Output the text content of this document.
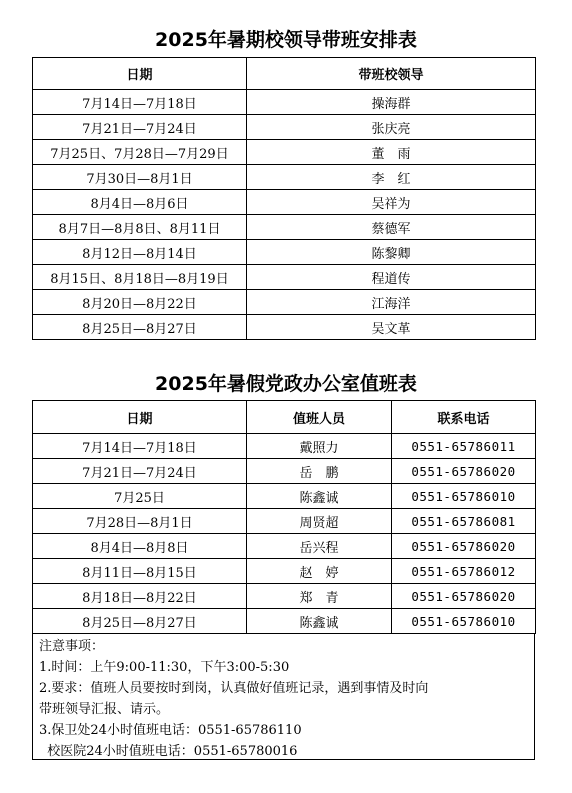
2025年暑期校领导带班安排表
日期	带班校领导
7月14日—7月18日	操海群
7月21日—7月24日	张庆亮
7月25日、7月28日—7月29日	董　雨
7月30日—8月1日	李　红
8月4日—8月6日	吴祥为
8月7日—8月8日、8月11日	蔡德军
8月12日—8月14日	陈黎卿
8月15日、8月18日—8月19日	程道传
8月20日—8月22日	江海洋
8月25日—8月27日	吴文革
2025年暑假党政办公室值班表
日期	值班人员	联系电话
7月14日—7月18日	戴照力	0551-65786011
7月21日—7月24日	岳　鹏	0551-65786020
7月25日	陈鑫诚	0551-65786010
7月28日—8月1日	周贤超	0551-65786081
8月4日—8月8日	岳兴程	0551-65786020
8月11日—8月15日	赵　婷	0551-65786012
8月18日—8月22日	郑　青	0551-65786020
8月25日—8月27日	陈鑫诚	0551-65786010
注意事项：
1.时间：上午9:00-11:30，下午3:00-5:30
2.要求：值班人员要按时到岗，认真做好值班记录，遇到事情及时向
带班领导汇报、请示。
3.保卫处24小时值班电话：0551-65786110
校医院24小时值班电话：0551-65780016
